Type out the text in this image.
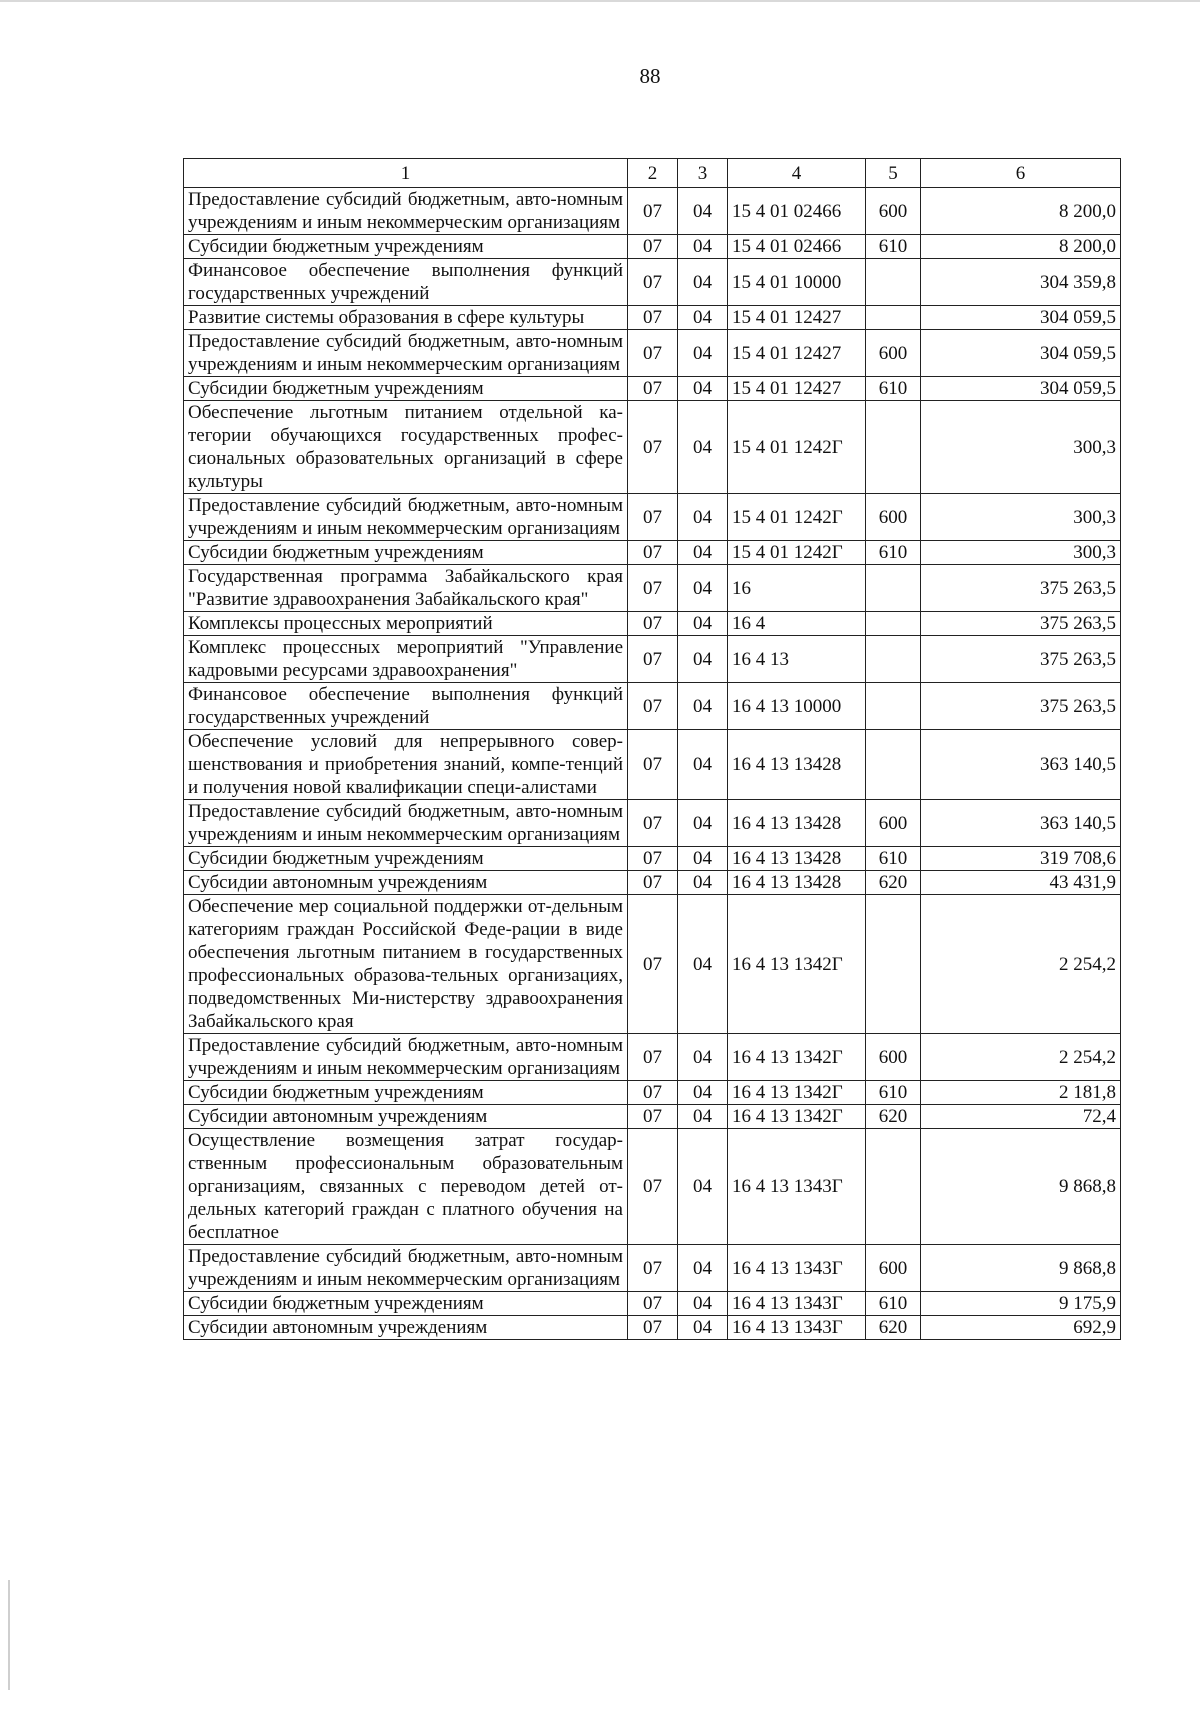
88
1	2	3	4	5	6
Предоставление субсидий бюджетным, авто-номным учреждениям и иным некоммерческим организациям	07	04	15 4 01 02466	600	8 200,0
Субсидии бюджетным учреждениям	07	04	15 4 01 02466	610	8 200,0
Финансовое обеспечение выполнения функций государственных учреждений	07	04	15 4 01 10000		304 359,8
Развитие системы образования в сфере культуры	07	04	15 4 01 12427		304 059,5
Предоставление субсидий бюджетным, авто-номным учреждениям и иным некоммерческим организациям	07	04	15 4 01 12427	600	304 059,5
Субсидии бюджетным учреждениям	07	04	15 4 01 12427	610	304 059,5
Обеспечение льготным питанием отдельной ка-тегории обучающихся государственных профес-сиональных образовательных организаций в сфере культуры	07	04	15 4 01 1242Г		300,3
Предоставление субсидий бюджетным, авто-номным учреждениям и иным некоммерческим организациям	07	04	15 4 01 1242Г	600	300,3
Субсидии бюджетным учреждениям	07	04	15 4 01 1242Г	610	300,3
Государственная программа Забайкальского края "Развитие здравоохранения Забайкальского края"	07	04	16		375 263,5
Комплексы процессных мероприятий	07	04	16 4		375 263,5
Комплекс процессных мероприятий "Управление кадровыми ресурсами здравоохранения"	07	04	16 4 13		375 263,5
Финансовое обеспечение выполнения функций государственных учреждений	07	04	16 4 13 10000		375 263,5
Обеспечение условий для непрерывного совер-шенствования и приобретения знаний, компе-тенций и получения новой квалификации специ-алистами	07	04	16 4 13 13428		363 140,5
Предоставление субсидий бюджетным, авто-номным учреждениям и иным некоммерческим организациям	07	04	16 4 13 13428	600	363 140,5
Субсидии бюджетным учреждениям	07	04	16 4 13 13428	610	319 708,6
Субсидии автономным учреждениям	07	04	16 4 13 13428	620	43 431,9
Обеспечение мер социальной поддержки от-дельным категориям граждан Российской Феде-рации в виде обеспечения льготным питанием в государственных профессиональных образова-тельных организациях, подведомственных Ми-нистерству здравоохранения Забайкальского края	07	04	16 4 13 1342Г		2 254,2
Предоставление субсидий бюджетным, авто-номным учреждениям и иным некоммерческим организациям	07	04	16 4 13 1342Г	600	2 254,2
Субсидии бюджетным учреждениям	07	04	16 4 13 1342Г	610	2 181,8
Субсидии автономным учреждениям	07	04	16 4 13 1342Г	620	72,4
Осуществление возмещения затрат государ-ственным профессиональным образовательным организациям, связанных с переводом детей от-дельных категорий граждан с платного обучения на бесплатное	07	04	16 4 13 1343Г		9 868,8
Предоставление субсидий бюджетным, авто-номным учреждениям и иным некоммерческим организациям	07	04	16 4 13 1343Г	600	9 868,8
Субсидии бюджетным учреждениям	07	04	16 4 13 1343Г	610	9 175,9
Субсидии автономным учреждениям	07	04	16 4 13 1343Г	620	692,9
